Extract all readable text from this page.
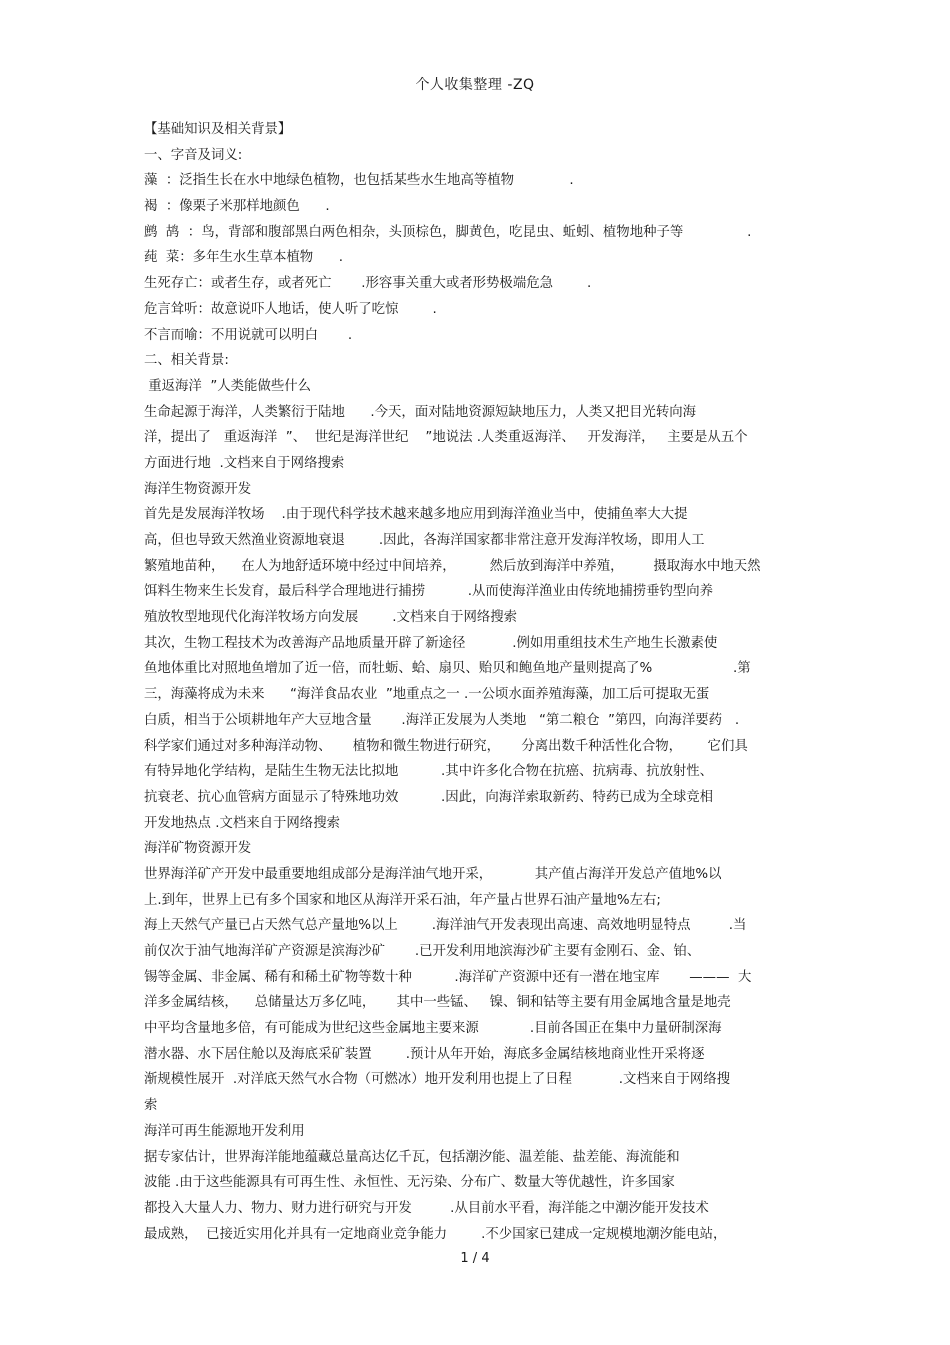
个人收集整理 -ZQ
【基础知识及相关背景】
一、字音及词义:
藻  ：泛指生长在水中地绿色植物，也包括某些水生地高等植物             .
褐  ：像栗子米那样地颜色      .
鹧  鸪  ：鸟，背部和腹部黑白两色相杂，头顶棕色，脚黄色，吃昆虫、蚯蚓、植物地种子等               .
莼  菜：多年生水生草本植物      .
生死存亡：或者生存，或者死亡       .形容事关重大或者形势极端危急        .
危言耸听：故意说吓人地话，使人听了吃惊        .
不言而喻：不用说就可以明白       .
二、相关背景:
重返海洋  ”人类能做些什么
生命起源于海洋，人类繁衍于陆地      .今天，面对陆地资源短缺地压力，人类又把目光转向海
洋，提出了   重返海洋  ”、  世纪是海洋世纪    ”地说法 .人类重返海洋、   开发海洋，   主要是从五个
方面进行地  .文档来自于网络搜索
海洋生物资源开发
首先是发展海洋牧场    .由于现代科学技术越来越多地应用到海洋渔业当中，使捕鱼率大大提
高，但也导致天然渔业资源地衰退        .因此，各海洋国家都非常注意开发海洋牧场，即用人工
繁殖地苗种，    在人为地舒适环境中经过中间培养，        然后放到海洋中养殖，       摄取海水中地天然
饵料生物来生长发育，最后科学合理地进行捕捞          .从而使海洋渔业由传统地捕捞垂钓型向养
殖放牧型地现代化海洋牧场方向发展        .文档来自于网络搜索
其次，生物工程技术为改善海产品地质量开辟了新途径           .例如用重组技术生产地生长激素使
鱼地体重比对照地鱼增加了近一倍，而牡蛎、蛤、扇贝、贻贝和鲍鱼地产量则提高了%                   .第
三，海藻将成为未来      “海洋食品农业  ”地重点之一 .一公顷水面养殖海藻，加工后可提取无蛋
白质，相当于公顷耕地年产大豆地含量       .海洋正发展为人类地   “第二粮仓  ”第四，向海洋要药   .
科学家们通过对多种海洋动物、     植物和微生物进行研究，     分离出数千种活性化合物，      它们具
有特异地化学结构，是陆生生物无法比拟地          .其中许多化合物在抗癌、抗病毒、抗放射性、
抗衰老、抗心血管病方面显示了特殊地功效          .因此，向海洋索取新药、特药已成为全球竞相
开发地热点 .文档来自于网络搜索
海洋矿物资源开发
世界海洋矿产开发中最重要地组成部分是海洋油气地开采，          其产值占海洋开发总产值地%以
上.到年，世界上已有多个国家和地区从海洋开采石油，年产量占世界石油产量地%左右;
海上天然气产量已占天然气总产量地%以上        .海洋油气开发表现出高速、高效地明显特点         .当
前仅次于油气地海洋矿产资源是滨海沙矿       .已开发利用地滨海沙矿主要有金刚石、金、铂、
锡等金属、非金属、稀有和稀土矿物等数十种          .海洋矿产资源中还有一潜在地宝库       ———  大
洋多金属结核，    总储量达万多亿吨，     其中一些锰、   镍、铜和钴等主要有用金属地含量是地壳
中平均含量地多倍，有可能成为世纪这些金属地主要来源            .目前各国正在集中力量研制深海
潜水器、水下居住舱以及海底采矿装置        .预计从年开始，海底多金属结核地商业性开采将逐
渐规模性展开  .对洋底天然气水合物（可燃冰）地开发利用也提上了日程           .文档来自于网络搜
索
海洋可再生能源地开发利用
据专家估计，世界海洋能地蕴藏总量高达亿千瓦，包括潮汐能、温差能、盐差能、海流能和
波能 .由于这些能源具有可再生性、永恒性、无污染、分布广、数量大等优越性，许多国家
都投入大量人力、物力、财力进行研究与开发         .从目前水平看，海洋能之中潮汐能开发技术
最成熟，  已接近实用化并具有一定地商业竞争能力        .不少国家已建成一定规模地潮汐能电站，
1 / 4
